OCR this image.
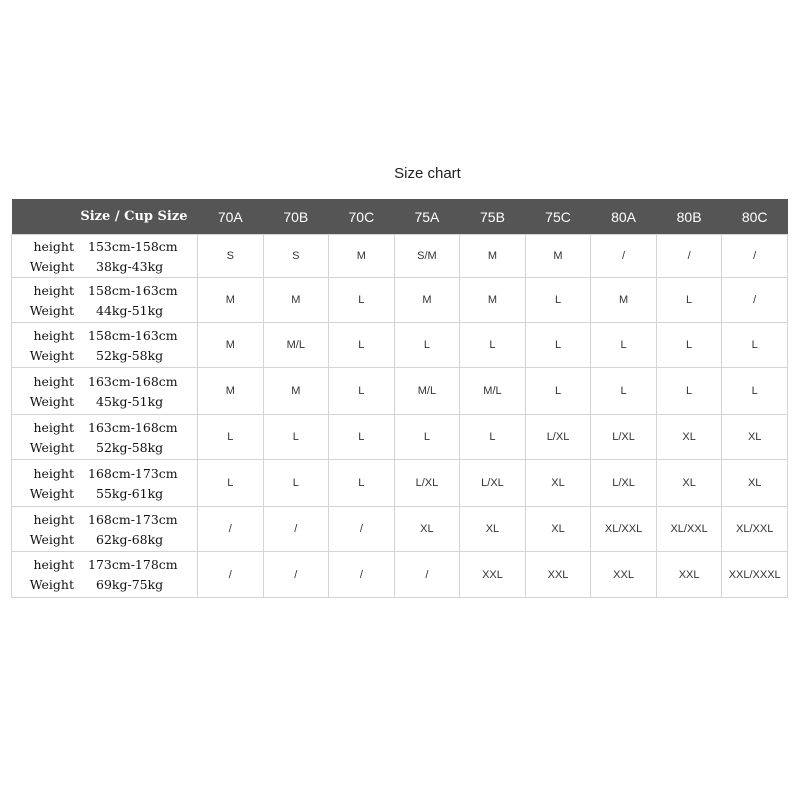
Size chart
Size / Cup Size	70A	70B	70C	75A	75B	75C	80A	80B	80C

height 153cm-158cm
Weight 38kg-43kg	S	S	M	S/M	M	M	/	/	/

height 158cm-163cm
Weight 44kg-51kg	M	M	L	M	M	L	M	L	/

height 158cm-163cm
Weight 52kg-58kg	M	M/L	L	L	L	L	L	L	L

height 163cm-168cm
Weight 45kg-51kg	M	M	L	M/L	M/L	L	L	L	L

height 163cm-168cm
Weight 52kg-58kg	L	L	L	L	L	L/XL	L/XL	XL	XL

height 168cm-173cm
Weight 55kg-61kg	L	L	L	L/XL	L/XL	XL	L/XL	XL	XL

height 168cm-173cm
Weight 62kg-68kg	/	/	/	XL	XL	XL	XL/XXL	XL/XXL	XL/XXL

height 173cm-178cm
Weight 69kg-75kg	/	/	/	/	XXL	XXL	XXL	XXL	XXL/XXXL
